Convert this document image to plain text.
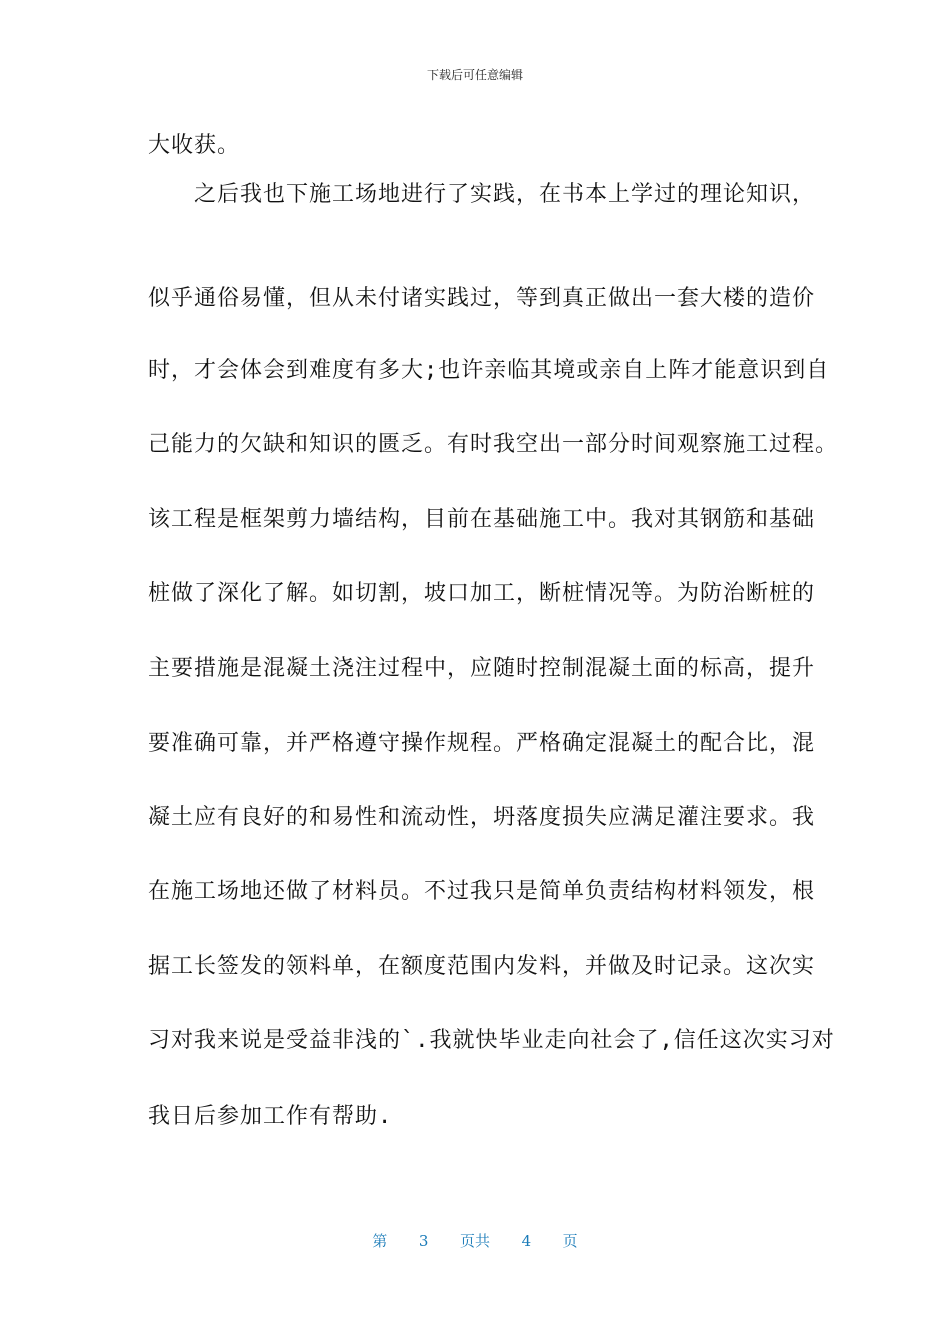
下载后可任意编辑
大收获。
　　之后我也下施工场地进行了实践，在书本上学过的理论知识，
似乎通俗易懂，但从未付诸实践过，等到真正做出一套大楼的造价
时，才会体会到难度有多大;也许亲临其境或亲自上阵才能意识到自
己能力的欠缺和知识的匮乏。有时我空出一部分时间观察施工过程。
该工程是框架剪力墙结构，目前在基础施工中。我对其钢筋和基础
桩做了深化了解。如切割，坡口加工，断桩情况等。为防治断桩的
主要措施是混凝土浇注过程中，应随时控制混凝土面的标高，提升
要准确可靠，并严格遵守操作规程。严格确定混凝土的配合比，混
凝土应有良好的和易性和流动性，坍落度损失应满足灌注要求。我
在施工场地还做了材料员。不过我只是简单负责结构材料领发，根
据工长签发的领料单，在额度范围内发料，并做及时记录。这次实
习对我来说是受益非浅的`.我就快毕业走向社会了,信任这次实习对
我日后参加工作有帮助.
第 3 页共 4 页
